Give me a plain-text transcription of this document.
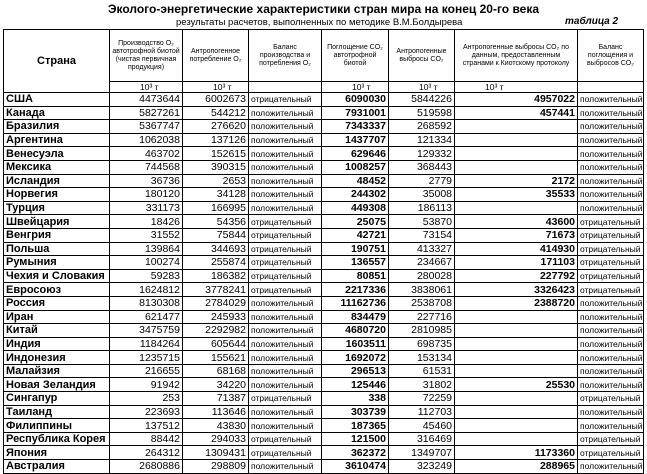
Эколого-энергетические характеристики стран мира на конец 20-го века
результаты расчетов, выполненных по методике В.М.Болдырева	таблица 2
Страна	Производство O₂ автотрофной биотой (чистая первичная продукция)	Антропогенное потребление O₂	Баланс производства и потребления O₂	Поглощение CO₂ автотрофной биотой	Антропогенные выбросы CO₂	Антропогенные выбросы CO₂ по данным, предоставленным странами к Киотскому протоколу	Баланс поглощения и выбросов CO₂
	10³ т	10³ т		10³ т	10³ т	10³ т	
США	4473644	6002673	отрицательный	6090030	5844226	4957022	положительный
Канада	5827261	544212	положительный	7931001	519598	457441	положительный
Бразилия	5367747	276620	положительный	7343337	268592		положительный
Аргентина	1062038	137126	положительный	1437707	121334		положительный
Венесуэла	463702	152615	положительный	629646	129332		положительный
Мексика	744568	390315	положительный	1008257	368443		положительный
Исландия	36736	2653	положительный	48452	2779	2172	положительный
Норвегия	180120	34128	положительный	244302	35008	35533	положительный
Турция	331173	166995	положительный	449308	186113		положительный
Швейцария	18426	54356	отрицательный	25075	53870	43600	отрицательный
Венгрия	31552	75844	отрицательный	42721	73154	71673	отрицательный
Польша	139864	344693	отрицательный	190751	413327	414930	отрицательный
Румыния	100274	255874	отрицательный	136557	234667	171103	отрицательный
Чехия и Словакия	59283	186382	отрицательный	80851	280028	227792	отрицательный
Евросоюз	1624812	3778241	отрицательный	2217336	3838061	3326423	отрицательный
Россия	8130308	2784029	положительный	11162736	2538708	2388720	положительный
Иран	621477	245933	положительный	834479	227716		положительный
Китай	3475759	2292982	положительный	4680720	2810985		положительный
Индия	1184264	605644	положительный	1603511	698735		положительный
Индонезия	1235715	155621	положительный	1692072	153134		положительный
Малайзия	216655	68168	положительный	296513	61531		положительный
Новая Зеландия	91942	34220	положительный	125446	31802	25530	положительный
Сингапур	253	71387	отрицательный	338	72259		отрицательный
Таиланд	223693	113646	положительный	303739	112703		положительный
Филиппины	137512	43830	положительный	187365	45460		положительный
Республика Корея	88442	294033	отрицательный	121500	316469		отрицательный
Япония	264312	1309431	отрицательный	362372	1349707	1173360	отрицательный
Австралия	2680886	298809	положительный	3610474	323249	288965	положительный
